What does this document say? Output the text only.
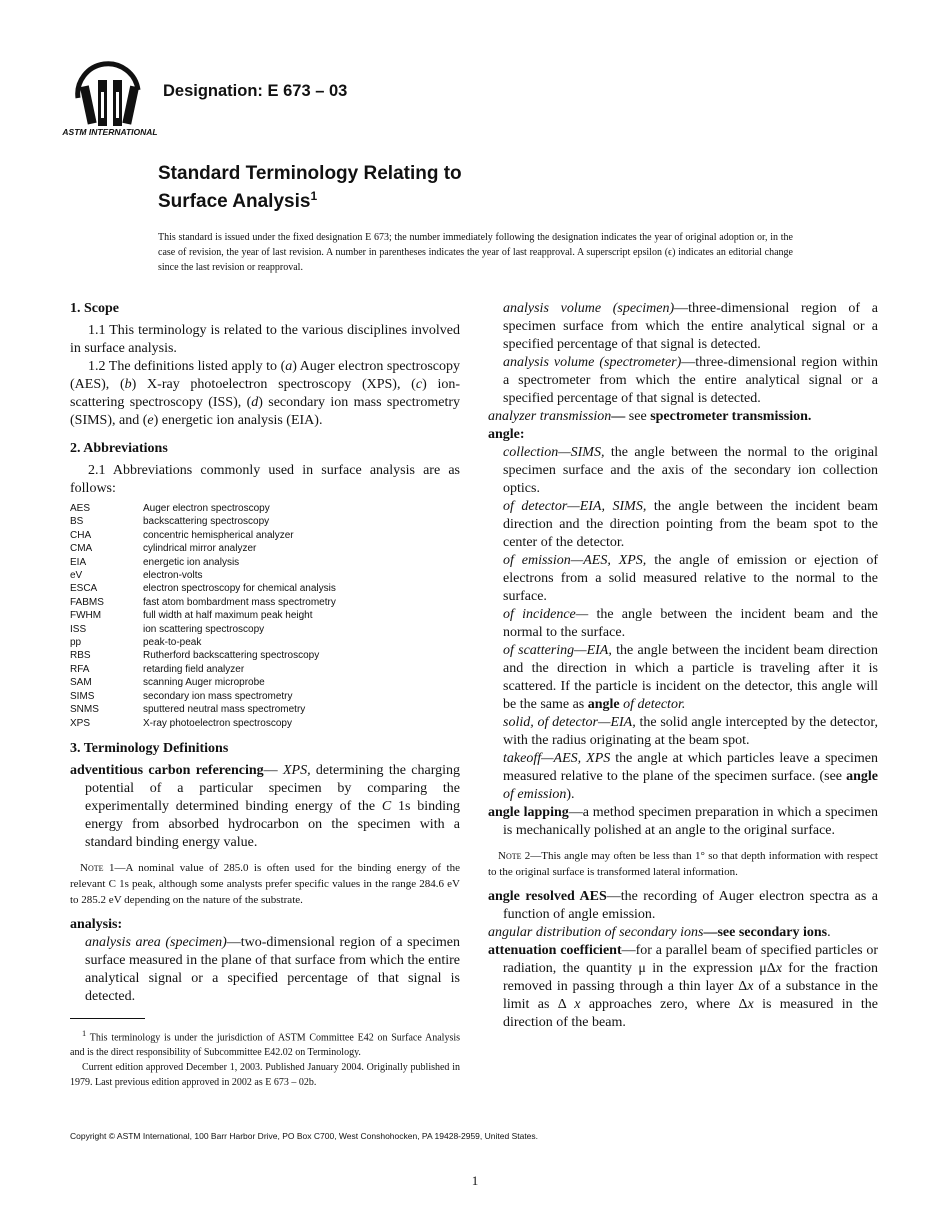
ASTM INTERNATIONAL
Designation: E 673 – 03
Standard Terminology Relating to
Surface Analysis$^1$
This standard is issued under the fixed designation E 673; the number immediately following the designation indicates the year of original adoption or, in the case of revision, the year of last revision. A number in parentheses indicates the year of last reapproval. A superscript epsilon (ϵ) indicates an editorial change since the last revision or reapproval.
1. Scope

1.1 This terminology is related to the various disciplines involved in surface analysis.

1.2 The definitions listed apply to (a) Auger electron spectroscopy (AES), (b) X-ray photoelectron spectroscopy (XPS), (c) ion-scattering spectroscopy (ISS), (d) secondary ion mass spectrometry (SIMS), and (e) energetic ion analysis (EIA).

2. Abbreviations

2.1 Abbreviations commonly used in surface analysis are as follows:

AES	Auger electron spectroscopy
BS	backscattering spectroscopy
CHA	concentric hemispherical analyzer
CMA	cylindrical mirror analyzer
EIA	energetic ion analysis
eV	electron-volts
ESCA	electron spectroscopy for chemical analysis
FABMS	fast atom bombardment mass spectrometry
FWHM	full width at half maximum peak height
ISS	ion scattering spectroscopy
pp	peak-to-peak
RBS	Rutherford backscattering spectroscopy
RFA	retarding field analyzer
SAM	scanning Auger microprobe
SIMS	secondary ion mass spectrometry
SNMS	sputtered neutral mass spectrometry
XPS	X-ray photoelectron spectroscopy
3. Terminology Definitions

adventitious carbon referencing— XPS, determining the charging potential of a particular specimen by comparing the experimentally determined binding energy of the C 1s binding energy from absorbed hydrocarbon on the specimen with a standard binding energy value.

Note 1—A nominal value of 285.0 is often used for the binding energy of the relevant C 1s peak, although some analysts prefer specific values in the range 284.6 eV to 285.2 eV depending on the nature of the substrate.

analysis:

analysis area (specimen)—two-dimensional region of a specimen surface measured in the plane of that surface from which the entire analytical signal or a specified percentage of that signal is detected.

analysis volume (specimen)—three-dimensional region of a specimen surface from which the entire analytical signal or a specified percentage of that signal is detected.

analysis volume (spectrometer)—three-dimensional region within a spectrometer from which the entire analytical signal or a specified percentage of that signal is detected.

analyzer transmission— see spectrometer transmission.

angle:

collection—SIMS, the angle between the normal to the original specimen surface and the axis of the secondary ion collection optics.

of detector—EIA, SIMS, the angle between the incident beam direction and the direction pointing from the beam spot to the center of the detector.

of emission—AES, XPS, the angle of emission or ejection of electrons from a solid measured relative to the normal to the surface.

of incidence— the angle between the incident beam and the normal to the surface.

of scattering—EIA, the angle between the incident beam direction and the direction in which a particle is traveling after it is scattered. If the particle is incident on the detector, this angle will be the same as angle of detector.

solid, of detector—EIA, the solid angle intercepted by the detector, with the radius originating at the beam spot.

takeoff—AES, XPS the angle at which particles leave a specimen measured relative to the plane of the specimen surface. (see angle of emission).

angle lapping—a method specimen preparation in which a specimen is mechanically polished at an angle to the original surface.

Note 2—This angle may often be less than 1° so that depth information with respect to the original surface is transformed lateral information.

angle resolved AES—the recording of Auger electron spectra as a function of angle emission.

angular distribution of secondary ions—see secondary ions.

attenuation coefficient—for a parallel beam of specified particles or radiation, the quantity μ in the expression μΔx for the fraction removed in passing through a thin layer Δx of a substance in the limit as Δ x approaches zero, where Δx is measured in the direction of the beam.

$^1$ This terminology is under the jurisdiction of ASTM Committee E42 on Surface Analysis and is the direct responsibility of Subcommittee E42.02 on Terminology.

Current edition approved December 1, 2003. Published January 2004. Originally published in 1979. Last previous edition approved in 2002 as E 673 – 02b.

Copyright © ASTM International, 100 Barr Harbor Drive, PO Box C700, West Conshohocken, PA 19428-2959, United States.
1
